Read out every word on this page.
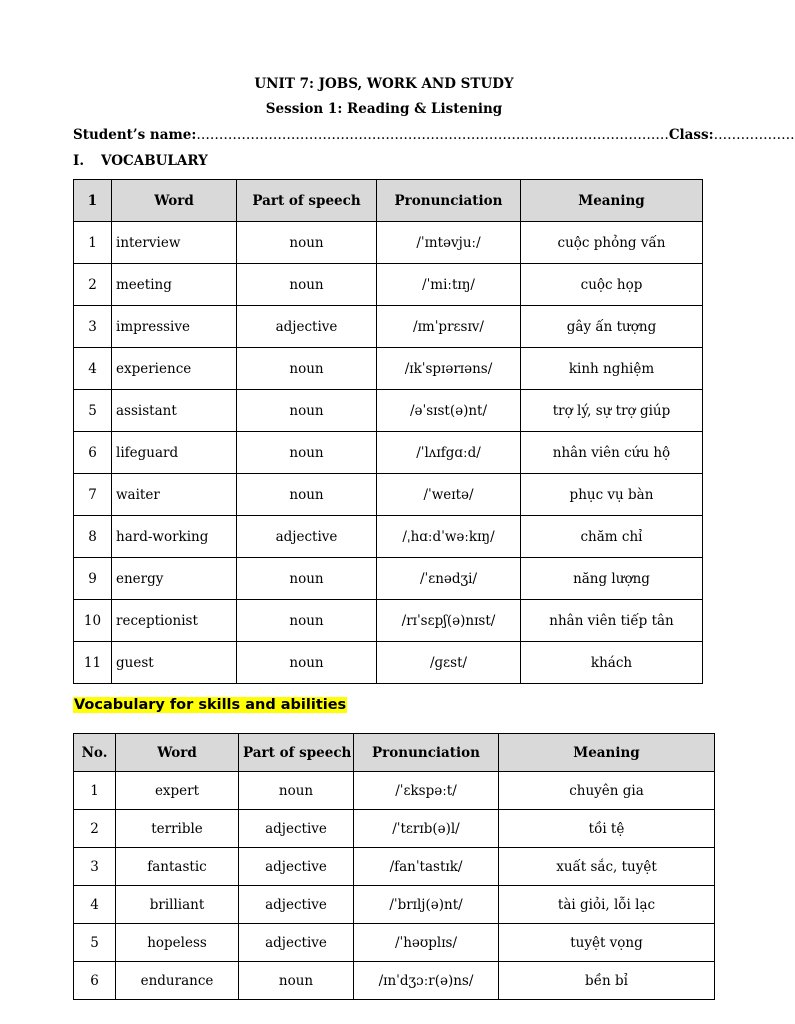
UNIT 7: JOBS, WORK AND STUDY
Session 1: Reading & Listening
Student’s name:……………………………………………………………………………………………Class:………………
I. VOCABULARY
1	Word	Part of speech	Pronunciation	Meaning
1	interview	noun	/ˈɪntəvjuː/	cuộc phỏng vấn
2	meeting	noun	/ˈmiːtɪŋ/	cuộc họp
3	impressive	adjective	/ɪmˈprɛsɪv/	gây ấn tượng
4	experience	noun	/ɪkˈspɪərɪəns/	kinh nghiệm
5	assistant	noun	/əˈsɪst(ə)nt/	trợ lý, sự trợ giúp
6	lifeguard	noun	/ˈlʌɪfgɑːd/	nhân viên cứu hộ
7	waiter	noun	/ˈweɪtə/	phục vụ bàn
8	hard-working	adjective	/ˌhɑːdˈwəːkɪŋ/	chăm chỉ
9	energy	noun	/ˈɛnədʒi/	năng lượng
10	receptionist	noun	/rɪˈsɛpʃ(ə)nɪst/	nhân viên tiếp tân
11	guest	noun	/ɡɛst/	khách
Vocabulary for skills and abilities
No.	Word	Part of speech	Pronunciation	Meaning
1	expert	noun	/ˈɛkspəːt/	chuyên gia
2	terrible	adjective	/ˈtɛrɪb(ə)l/	tồi tệ
3	fantastic	adjective	/fanˈtastɪk/	xuất sắc, tuyệt
4	brilliant	adjective	/ˈbrɪlj(ə)nt/	tài giỏi, lỗi lạc
5	hopeless	adjective	/ˈhəʊplɪs/	tuyệt vọng
6	endurance	noun	/ɪnˈdʒɔːr(ə)ns/	bền bỉ
